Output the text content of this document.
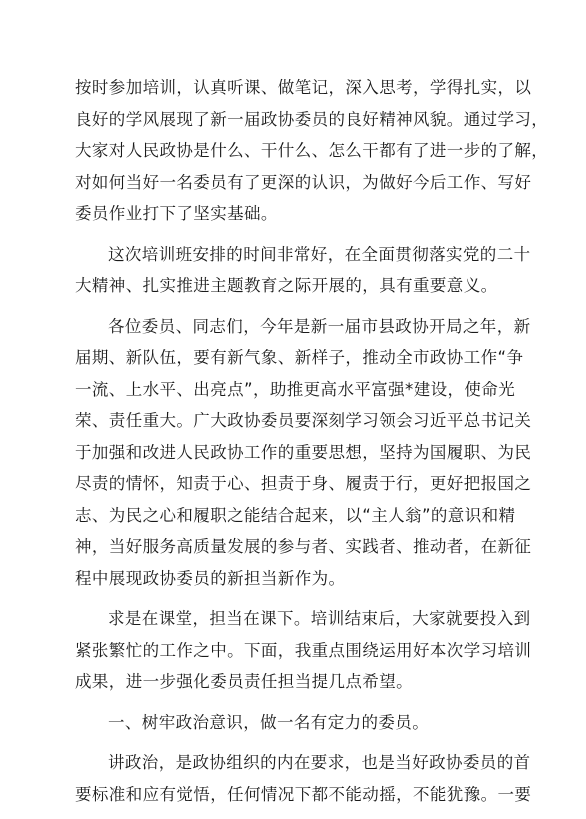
按时参加培训，认真听课、做笔记，深入思考，学得扎实，以
良好的学风展现了新一届政协委员的良好精神风貌。通过学习，
大家对人民政协是什么、干什么、怎么干都有了进一步的了解，
对如何当好一名委员有了更深的认识，为做好今后工作、写好
委员作业打下了坚实基础。
这次培训班安排的时间非常好，在全面贯彻落实党的二十
大精神、扎实推进主题教育之际开展的，具有重要意义。
各位委员、同志们，今年是新一届市县政协开局之年，新
届期、新队伍，要有新气象、新样子，推动全市政协工作“争
一流、上水平、出亮点”，助推更高水平富强*建设，使命光
荣、责任重大。广大政协委员要深刻学习领会习近平总书记关
于加强和改进人民政协工作的重要思想，坚持为国履职、为民
尽责的情怀，知责于心、担责于身、履责于行，更好把报国之
志、为民之心和履职之能结合起来，以“主人翁”的意识和精
神，当好服务高质量发展的参与者、实践者、推动者，在新征
程中展现政协委员的新担当新作为。
求是在课堂，担当在课下。培训结束后，大家就要投入到
紧张繁忙的工作之中。下面，我重点围绕运用好本次学习培训
成果，进一步强化委员责任担当提几点希望。
一、树牢政治意识，做一名有定力的委员。
讲政治，是政协组织的内在要求，也是当好政协委员的首
要标准和应有觉悟，任何情况下都不能动摇，不能犹豫。一要
